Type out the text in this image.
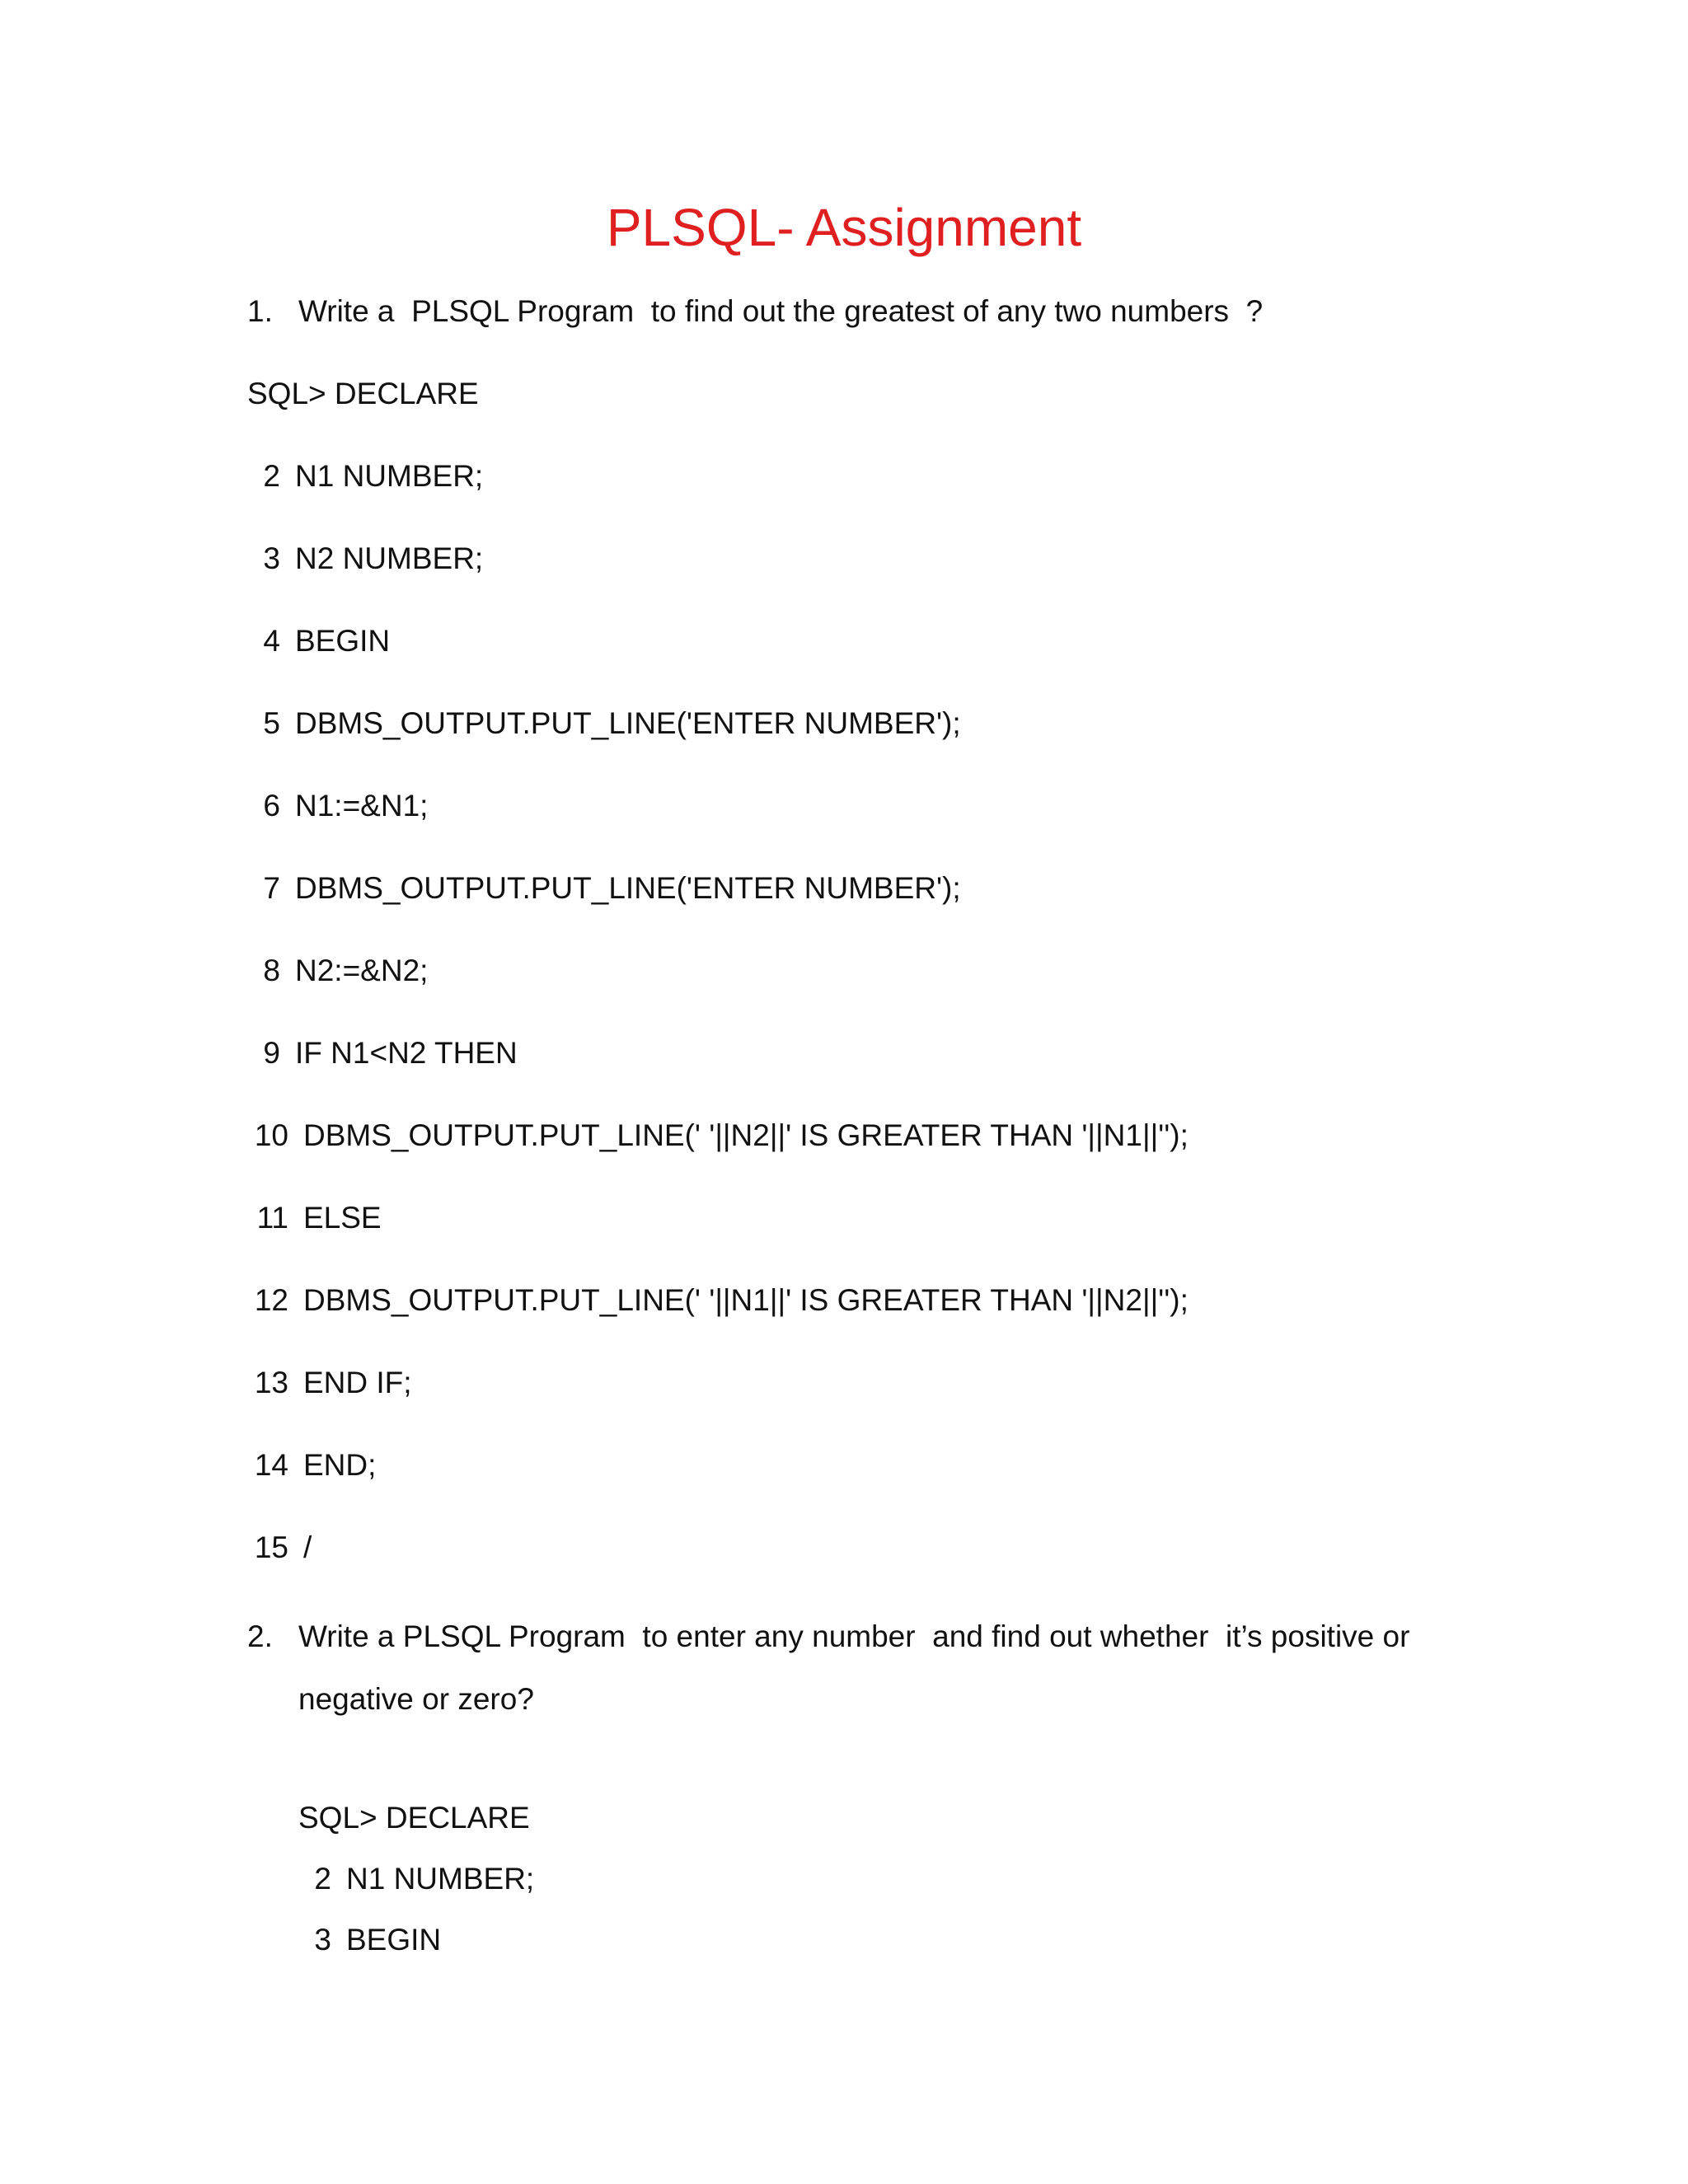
PLSQL- Assignment

1.

Write a  PLSQL Program  to find out the greatest of any two numbers  ?

SQL> DECLARE
2 N1 NUMBER;
3 N2 NUMBER;
4 BEGIN
5 DBMS_OUTPUT.PUT_LINE('ENTER NUMBER');
6 N1:=&N1;
7 DBMS_OUTPUT.PUT_LINE('ENTER NUMBER');
8 N2:=&N2;
9 IF N1<N2 THEN
10 DBMS_OUTPUT.PUT_LINE(' '||N2||' IS GREATER THAN '||N1||'');
11 ELSE
12 DBMS_OUTPUT.PUT_LINE(' '||N1||' IS GREATER THAN '||N2||'');
13 END IF;
14 END;
15 /

2.

Write a PLSQL Program  to enter any number  and find out whether  it’s positive or

negative or zero?
SQL> DECLARE
2 N1 NUMBER;
3 BEGIN
